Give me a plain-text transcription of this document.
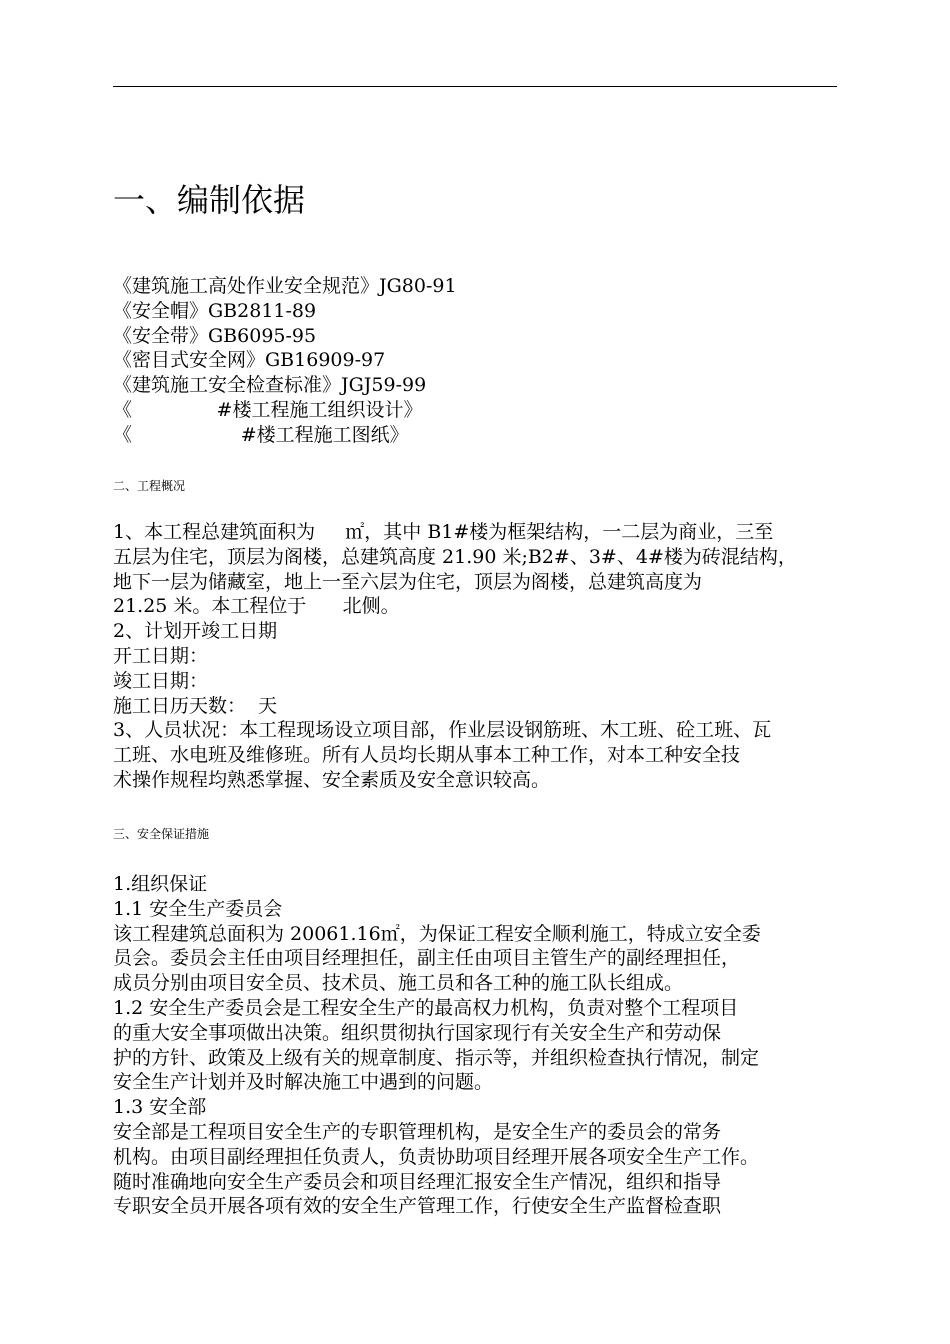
一、编制依据
《建筑施工高处作业安全规范》JG80-91
《安全帽》GB2811-89
《安全带》GB6095-95
《密目式安全网》GB16909-97
《建筑施工安全检查标准》JGJ59-99
《              #楼工程施工组织设计》
《                  #楼工程施工图纸》
二、工程概况
1、本工程总建筑面积为     ㎡，其中 B1#楼为框架结构，一二层为商业，三至
五层为住宅，顶层为阁楼，总建筑高度 21.90 米;B2#、3#、4#楼为砖混结构，
地下一层为储藏室，地上一至六层为住宅，顶层为阁楼，总建筑高度为
21.25 米。本工程位于      北侧。
2、计划开竣工日期
开工日期：
竣工日期：
施工日历天数：  天
3、人员状况：本工程现场设立项目部，作业层设钢筋班、木工班、砼工班、瓦
工班、水电班及维修班。所有人员均长期从事本工种工作，对本工种安全技
术操作规程均熟悉掌握、安全素质及安全意识较高。
三、安全保证措施
1.组织保证
1.1 安全生产委员会
该工程建筑总面积为 20061.16㎡，为保证工程安全顺利施工，特成立安全委
员会。委员会主任由项目经理担任，副主任由项目主管生产的副经理担任，
成员分别由项目安全员、技术员、施工员和各工种的施工队长组成。
1.2 安全生产委员会是工程安全生产的最高权力机构，负责对整个工程项目
的重大安全事项做出决策。组织贯彻执行国家现行有关安全生产和劳动保
护的方针、政策及上级有关的规章制度、指示等，并组织检查执行情况，制定
安全生产计划并及时解决施工中遇到的问题。
1.3 安全部
安全部是工程项目安全生产的专职管理机构，是安全生产的委员会的常务
机构。由项目副经理担任负责人，负责协助项目经理开展各项安全生产工作。
随时准确地向安全生产委员会和项目经理汇报安全生产情况，组织和指导
专职安全员开展各项有效的安全生产管理工作，行使安全生产监督检查职
